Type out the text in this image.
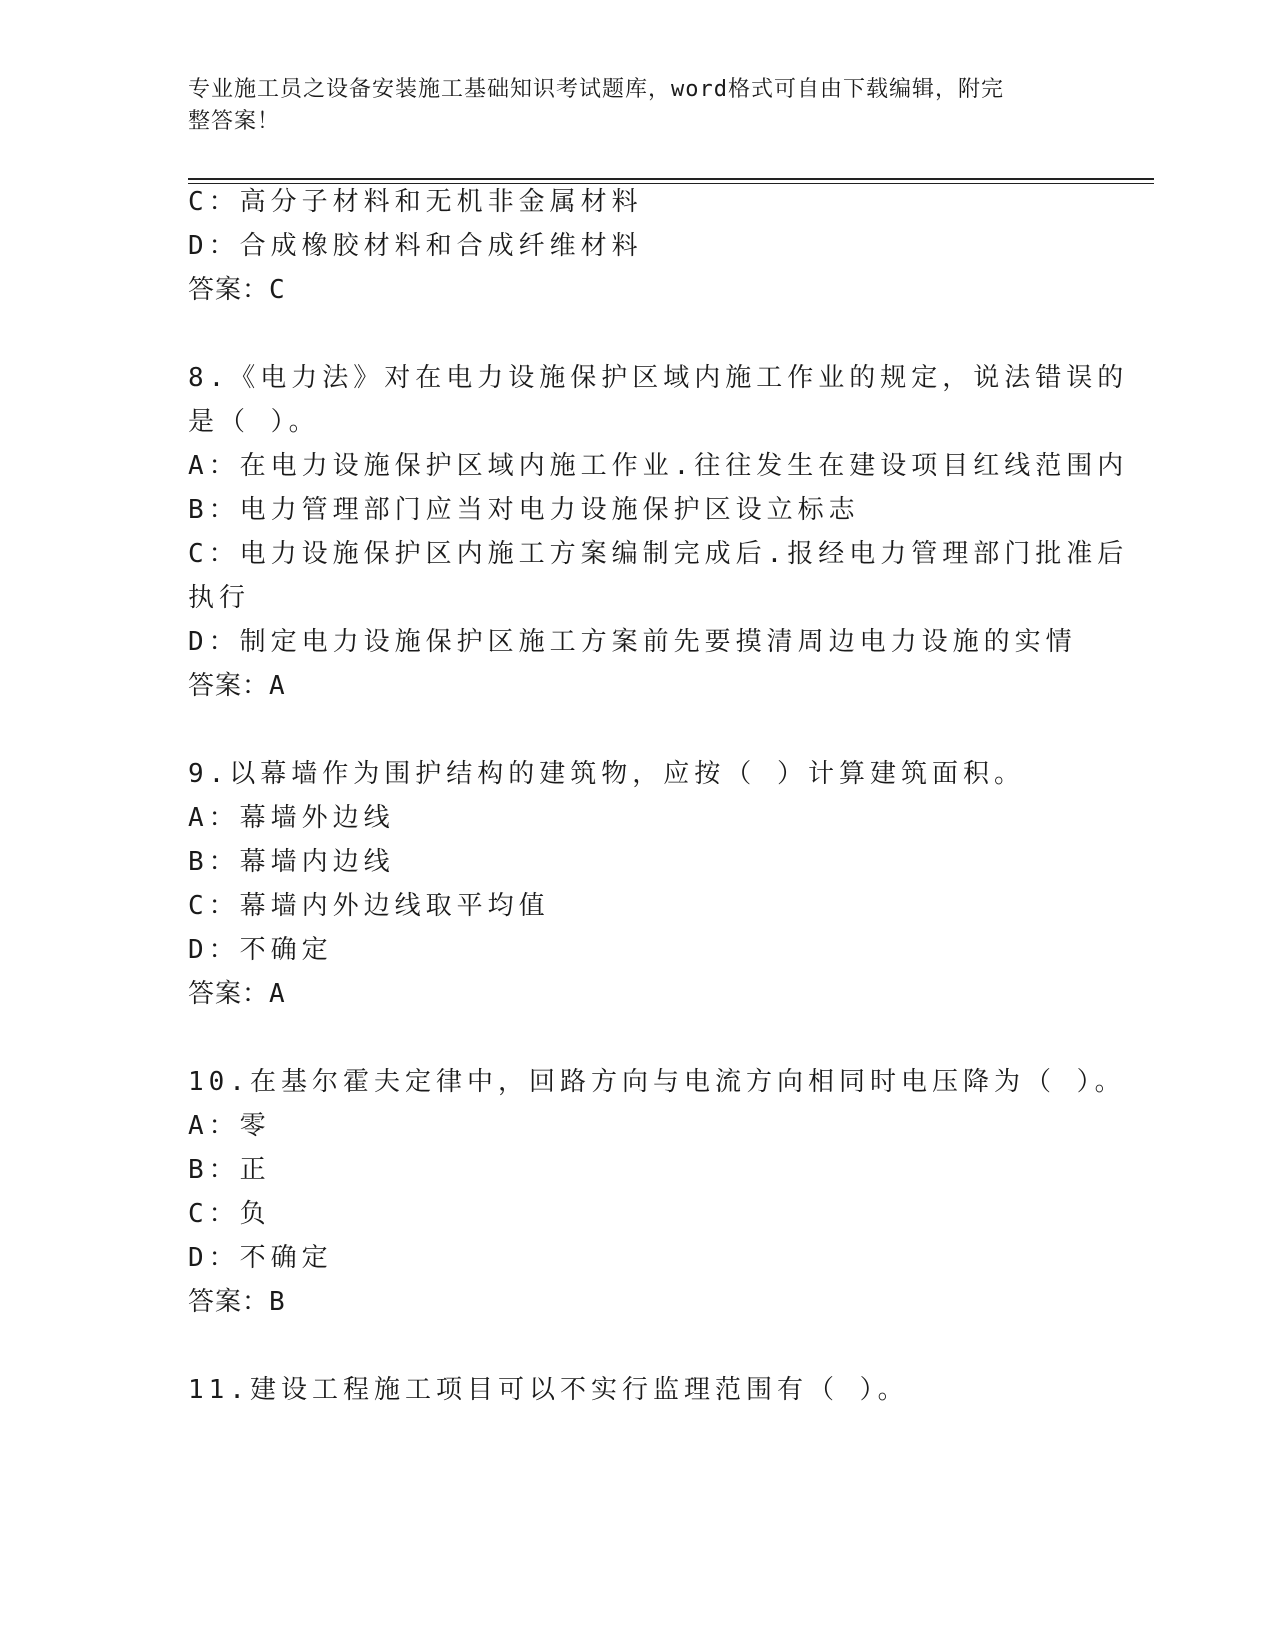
专业施工员之设备安装施工基础知识考试题库，word格式可自由下载编辑，附完
整答案！
C：高分子材料和无机非金属材料
D：合成橡胶材料和合成纤维材料
答案：C
8.《电力法》对在电力设施保护区域内施工作业的规定，说法错误的
是（ ）。
A：在电力设施保护区域内施工作业.往往发生在建设项目红线范围内
B：电力管理部门应当对电力设施保护区设立标志
C：电力设施保护区内施工方案编制完成后.报经电力管理部门批准后
执行
D：制定电力设施保护区施工方案前先要摸清周边电力设施的实情
答案：A
9.以幕墙作为围护结构的建筑物，应按（ ）计算建筑面积。
A：幕墙外边线
B：幕墙内边线
C：幕墙内外边线取平均值
D：不确定
答案：A
10.在基尔霍夫定律中，回路方向与电流方向相同时电压降为（ ）。
A：零
B：正
C：负
D：不确定
答案：B
11.建设工程施工项目可以不实行监理范围有（ ）。
